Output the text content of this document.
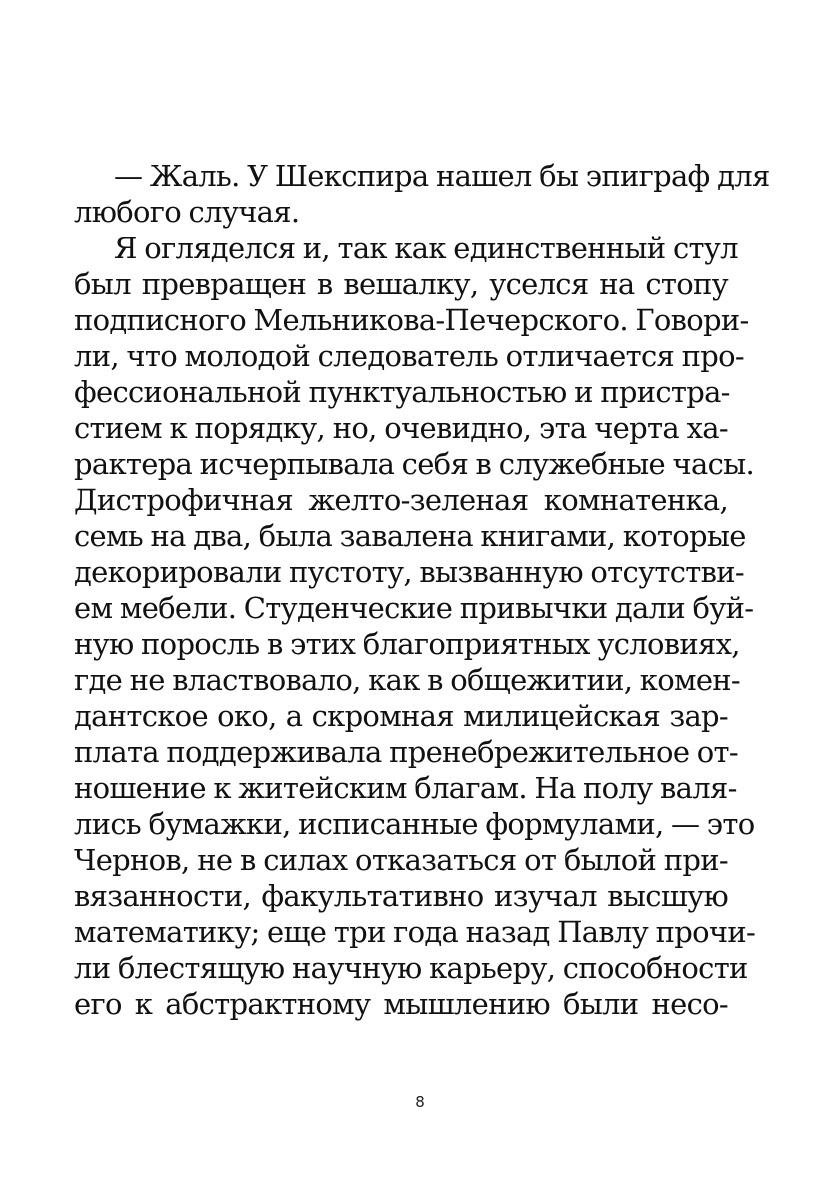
— Жаль. У Шекспира нашел бы эпиграф для
любого случая.
Я огляделся и, так как единственный стул
был превращен в вешалку, уселся на стопу
подписного Мельникова-Печерского. Говори-
ли, что молодой следователь отличается про-
фессиональной пунктуальностью и пристра-
стием к порядку, но, очевидно, эта черта ха-
рактера исчерпывала себя в служебные часы.
Дистрофичная желто-зеленая комнатенка,
семь на два, была завалена книгами, которые
декорировали пустоту, вызванную отсутстви-
ем мебели. Студенческие привычки дали буй-
ную поросль в этих благоприятных условиях,
где не властвовало, как в общежитии, комен-
дантское око, а скромная милицейская зар-
плата поддерживала пренебрежительное от-
ношение к житейским благам. На полу валя-
лись бумажки, исписанные формулами, — это
Чернов, не в силах отказаться от былой при-
вязанности, факультативно изучал высшую
математику; еще три года назад Павлу прочи-
ли блестящую научную карьеру, способности
его к абстрактному мышлению были несо-
8
